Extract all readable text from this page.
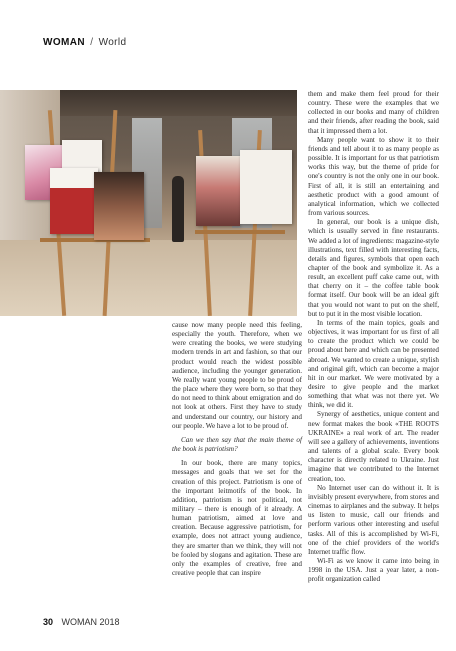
WOMAN / World

cause now many people need this feeling, especially the youth. Therefore, when we were creating the books, we were studying modern trends in art and fashion, so that our product would reach the widest possible audience, including the younger generation. We really want young people to be proud of the place where they were born, so that they do not need to think about emigration and do not look at others. First they have to study and understand our country, our history and our people. We have a lot to be proud of.

Can we then say that the main theme of the book is patriotism?

In our book, there are many topics, messages and goals that we set for the creation of this project. Patriotism is one of the important leitmotifs of the book. In addition, patriotism is not political, not military – there is enough of it already. A human patriotism, aimed at love and creation. Because aggressive patriotism, for example, does not attract young audience, they are smarter than we think, they will not be fooled by slogans and agitation. These are only the examples of creative, free and creative people that can inspire

them and make them feel proud for their country. These were the examples that we collected in our books and many of children and their friends, after reading the book, said that it impressed them a lot.

Many people want to show it to their friends and tell about it to as many people as possible. It is important for us that patriotism works this way, but the theme of pride for one's country is not the only one in our book. First of all, it is still an entertaining and aesthetic product with a good amount of analytical information, which we collected from various sources.

In general, our book is a unique dish, which is usually served in fine restaurants. We added a lot of ingredients: magazine-style illustrations, text filled with interesting facts, details and figures, symbols that open each chapter of the book and symbolize it. As a result, an excellent puff cake came out, with that cherry on it – the coffee table book format itself. Our book will be an ideal gift that you would not want to put on the shelf, but to put it in the most visible location.

In terms of the main topics, goals and objectives, it was important for us first of all to create the product which we could be proud about here and which can be presented abroad. We wanted to create a unique, stylish and original gift, which can become a major hit in our market. We were motivated by a desire to give people and the market something that what was not there yet. We think, we did it.

Synergy of aesthetics, unique content and new format makes the book «THE ROOTS UKRAINE» a real work of art. The reader will see a gallery of achievements, inventions and talents of a global scale. Every book character is directly related to Ukraine. Just imagine that we contributed to the Internet creation, too.

No Internet user can do without it. It is invisibly present everywhere, from stores and cinemas to airplanes and the subway. It helps us listen to music, call our friends and perform various other interesting and useful tasks. All of this is accomplished by Wi-Fi, one of the chief providers of the world's Internet traffic flow.

Wi-Fi as we know it came into being in 1998 in the USA. Just a year later, a non-profit organization called

30 WOMAN 2018
